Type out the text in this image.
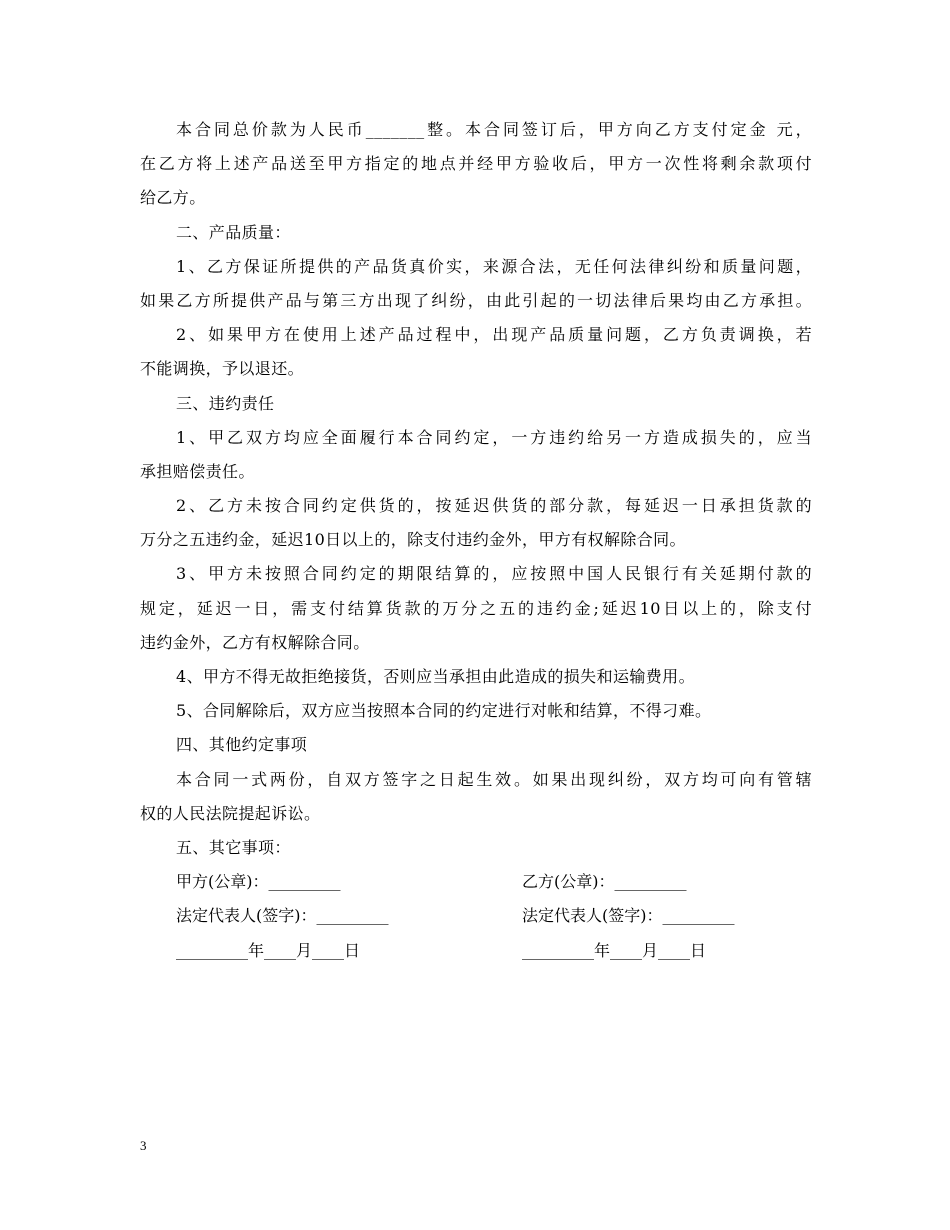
本合同总价款为人民币_______整。本合同签订后，甲方向乙方支付定金 元，
在乙方将上述产品送至甲方指定的地点并经甲方验收后，甲方一次性将剩余款项付
给乙方。
二、产品质量：
1、乙方保证所提供的产品货真价实，来源合法，无任何法律纠纷和质量问题，
如果乙方所提供产品与第三方出现了纠纷，由此引起的一切法律后果均由乙方承担。
2、如果甲方在使用上述产品过程中，出现产品质量问题，乙方负责调换，若
不能调换，予以退还。
三、违约责任
1、甲乙双方均应全面履行本合同约定，一方违约给另一方造成损失的，应当
承担赔偿责任。
2、乙方未按合同约定供货的，按延迟供货的部分款，每延迟一日承担货款的
万分之五违约金，延迟10日以上的，除支付违约金外，甲方有权解除合同。
3、甲方未按照合同约定的期限结算的，应按照中国人民银行有关延期付款的
规定，延迟一日，需支付结算货款的万分之五的违约金;延迟10日以上的，除支付
违约金外，乙方有权解除合同。
4、甲方不得无故拒绝接货，否则应当承担由此造成的损失和运输费用。
5、合同解除后，双方应当按照本合同的约定进行对帐和结算，不得刁难。
四、其他约定事项
本合同一式两份，自双方签字之日起生效。如果出现纠纷，双方均可向有管辖
权的人民法院提起诉讼。
五、其它事项：
甲方(公章)：_________	乙方(公章)：_________
法定代表人(签字)：_________	法定代表人(签字)：_________
_________年____月____日	_________年____月____日
3
